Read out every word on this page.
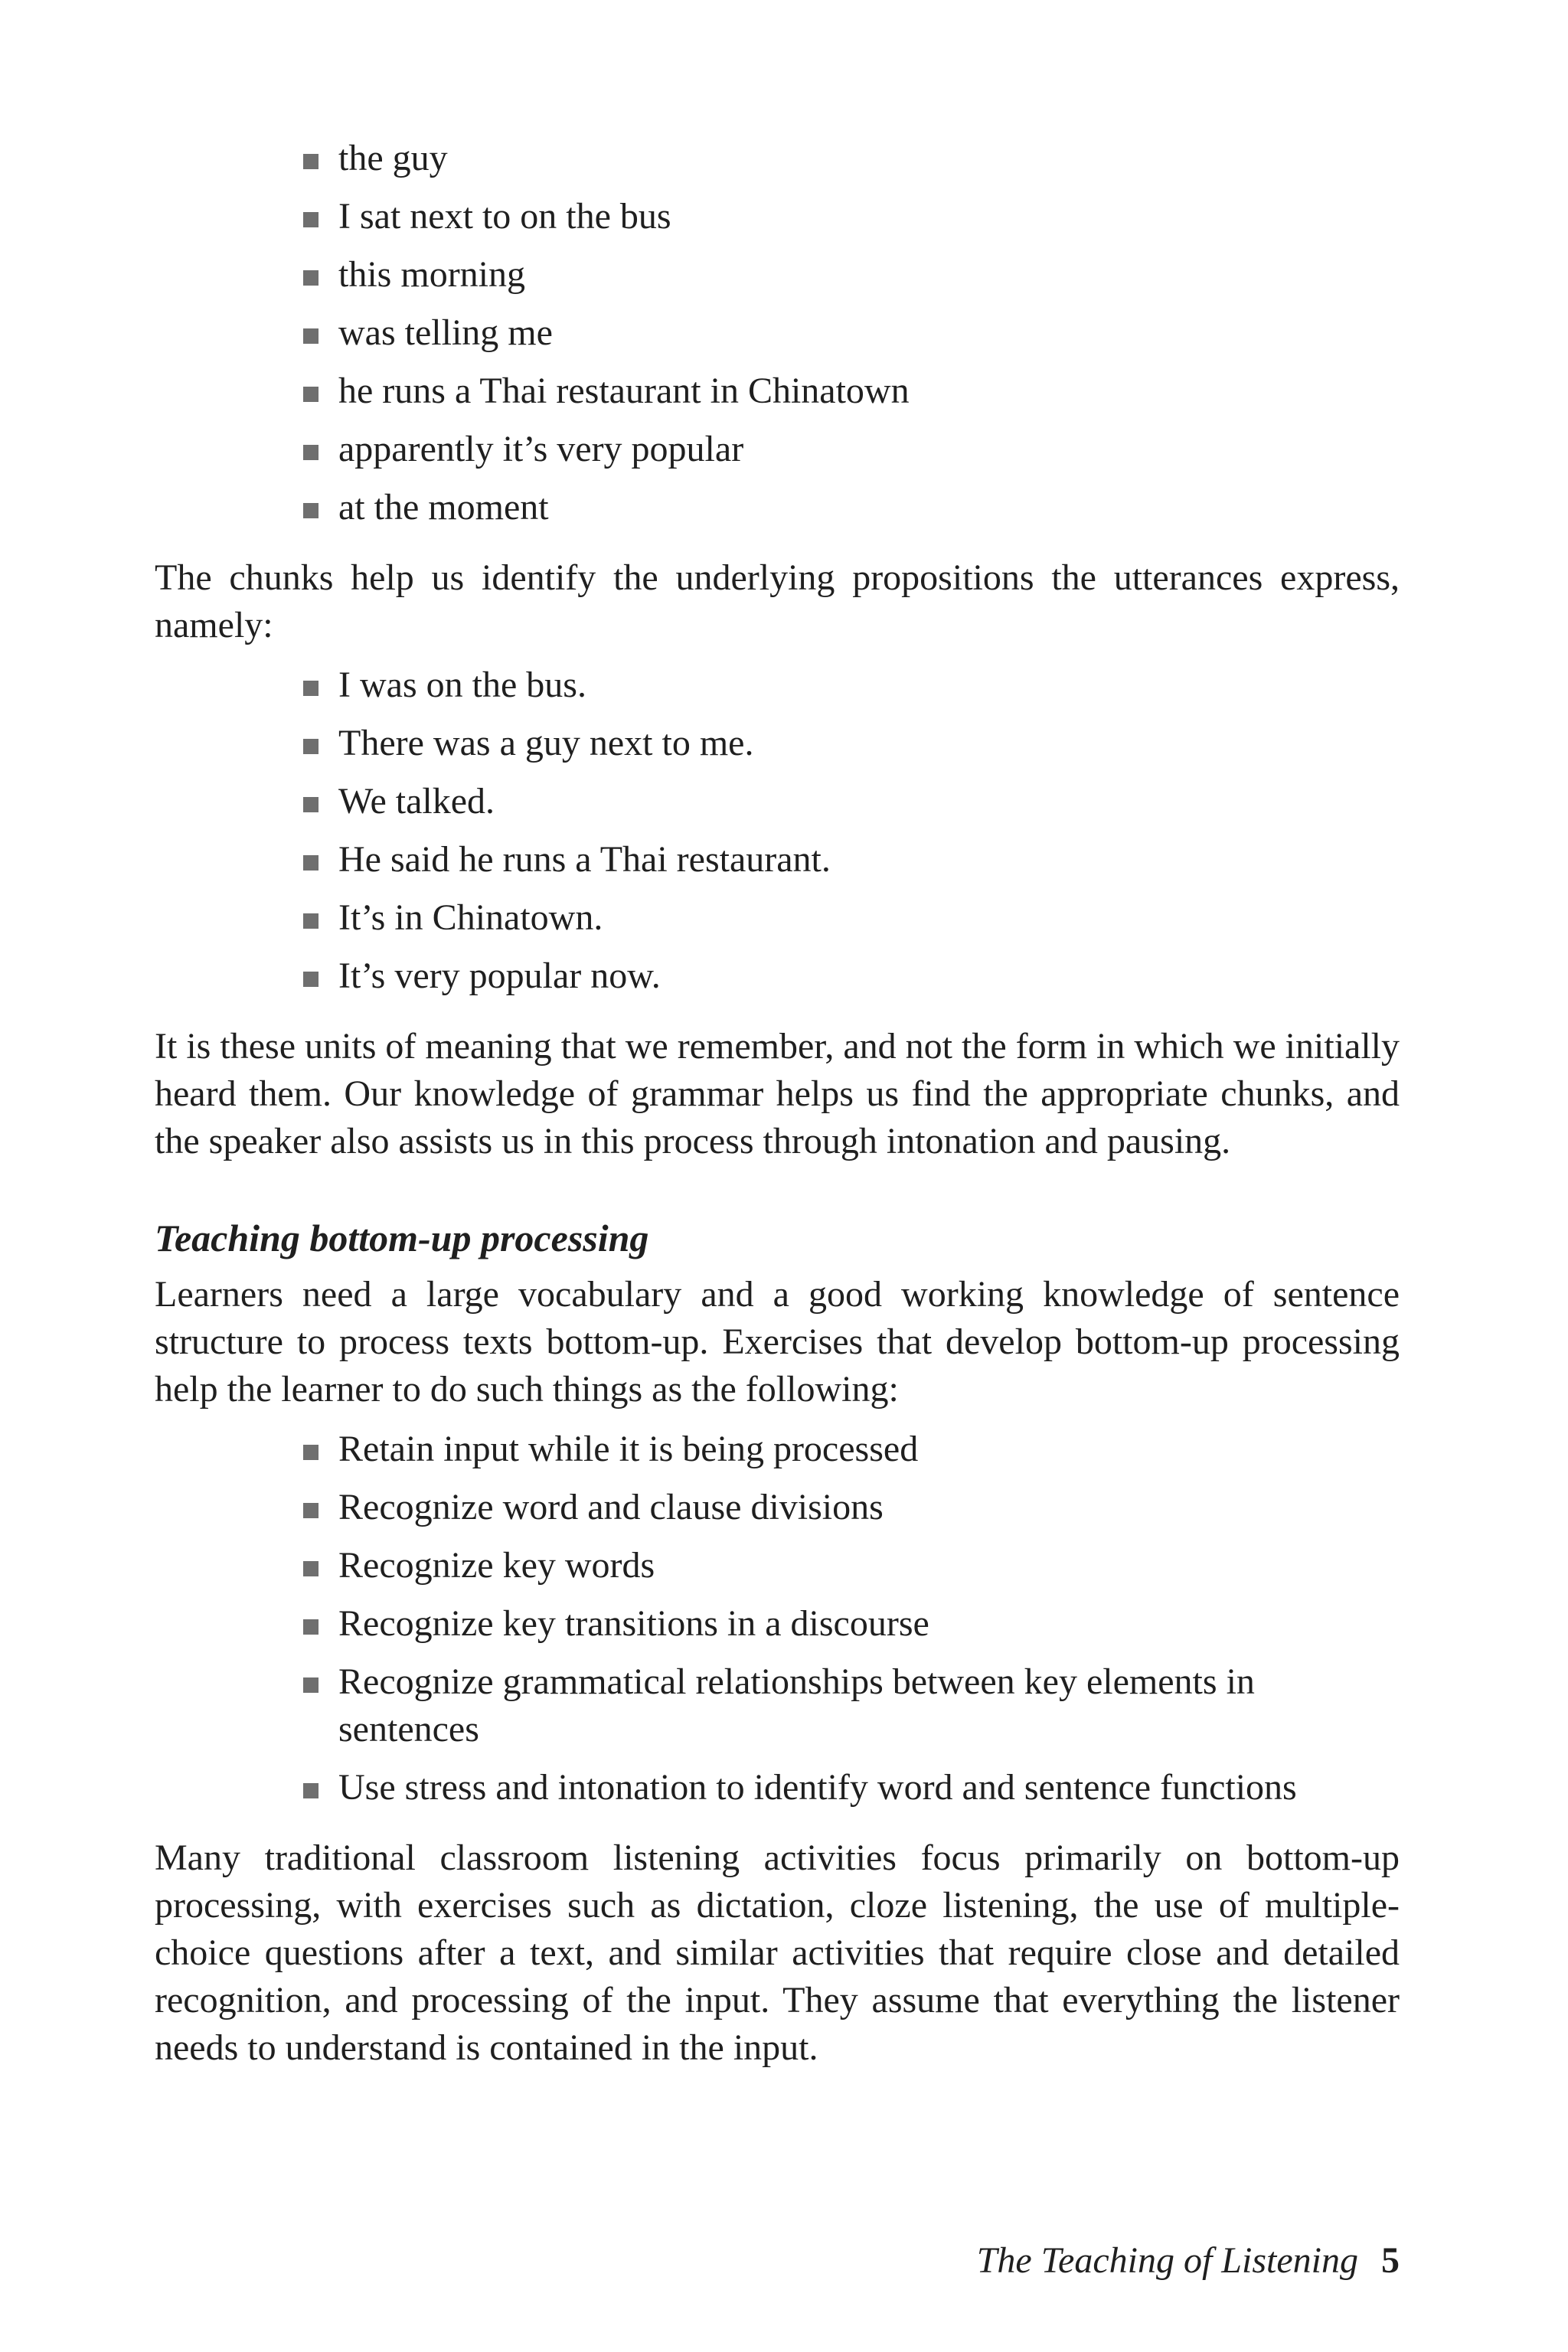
the guy
I sat next to on the bus
this morning
was telling me
he runs a Thai restaurant in Chinatown
apparently it’s very popular
at the moment

The chunks help us identify the underlying propositions the utterances express, namely:

I was on the bus.
There was a guy next to me.
We talked.
He said he runs a Thai restaurant.
It’s in Chinatown.
It’s very popular now.

It is these units of meaning that we remember, and not the form in which we initially heard them. Our knowledge of grammar helps us find the appropriate chunks, and the speaker also assists us in this process through intonation and pausing.

Teaching bottom-up processing

Learners need a large vocabulary and a good working knowledge of sentence structure to process texts bottom-up. Exercises that develop bottom-up processing help the learner to do such things as the following:

Retain input while it is being processed
Recognize word and clause divisions
Recognize key words
Recognize key transitions in a discourse
Recognize grammatical relationships between key elements in sentences
Use stress and intonation to identify word and sentence functions

Many traditional classroom listening activities focus primarily on bottom-up processing, with exercises such as dictation, cloze listening, the use of multiple-choice questions after a text, and similar activities that require close and detailed recognition, and processing of the input. They assume that everything the listener needs to understand is contained in the input.

The Teaching of Listening 5
